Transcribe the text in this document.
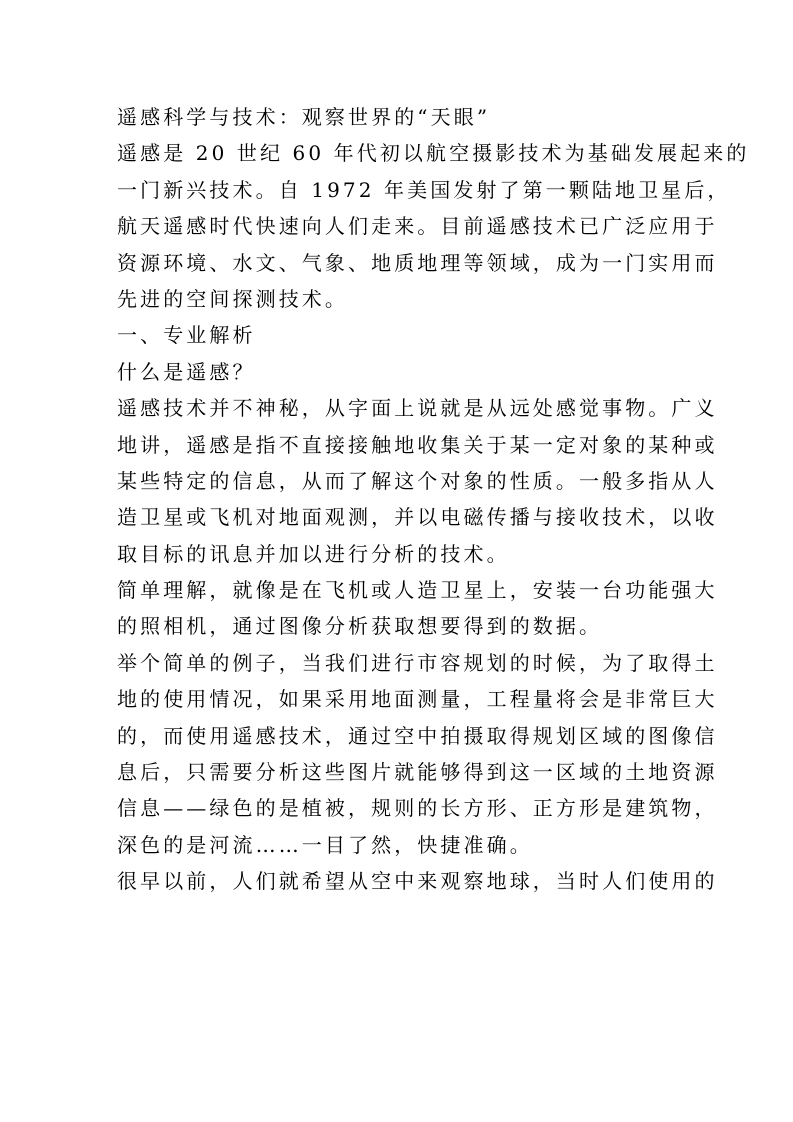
遥感科学与技术：观察世界的“天眼”
遥感是 20 世纪 60 年代初以航空摄影技术为基础发展起来的
一门新兴技术。自 1972 年美国发射了第一颗陆地卫星后，
航天遥感时代快速向人们走来。目前遥感技术已广泛应用于
资源环境、水文、气象、地质地理等领域，成为一门实用而
先进的空间探测技术。
一、专业解析
什么是遥感？
遥感技术并不神秘，从字面上说就是从远处感觉事物。广义
地讲，遥感是指不直接接触地收集关于某一定对象的某种或
某些特定的信息，从而了解这个对象的性质。一般多指从人
造卫星或飞机对地面观测，并以电磁传播与接收技术，以收
取目标的讯息并加以进行分析的技术。
简单理解，就像是在飞机或人造卫星上，安装一台功能强大
的照相机，通过图像分析获取想要得到的数据。
举个简单的例子，当我们进行市容规划的时候，为了取得土
地的使用情况，如果采用地面测量，工程量将会是非常巨大
的，而使用遥感技术，通过空中拍摄取得规划区域的图像信
息后，只需要分析这些图片就能够得到这一区域的土地资源
信息——绿色的是植被，规则的长方形、正方形是建筑物，
深色的是河流……一目了然，快捷准确。
很早以前，人们就希望从空中来观察地球，当时人们使用的
